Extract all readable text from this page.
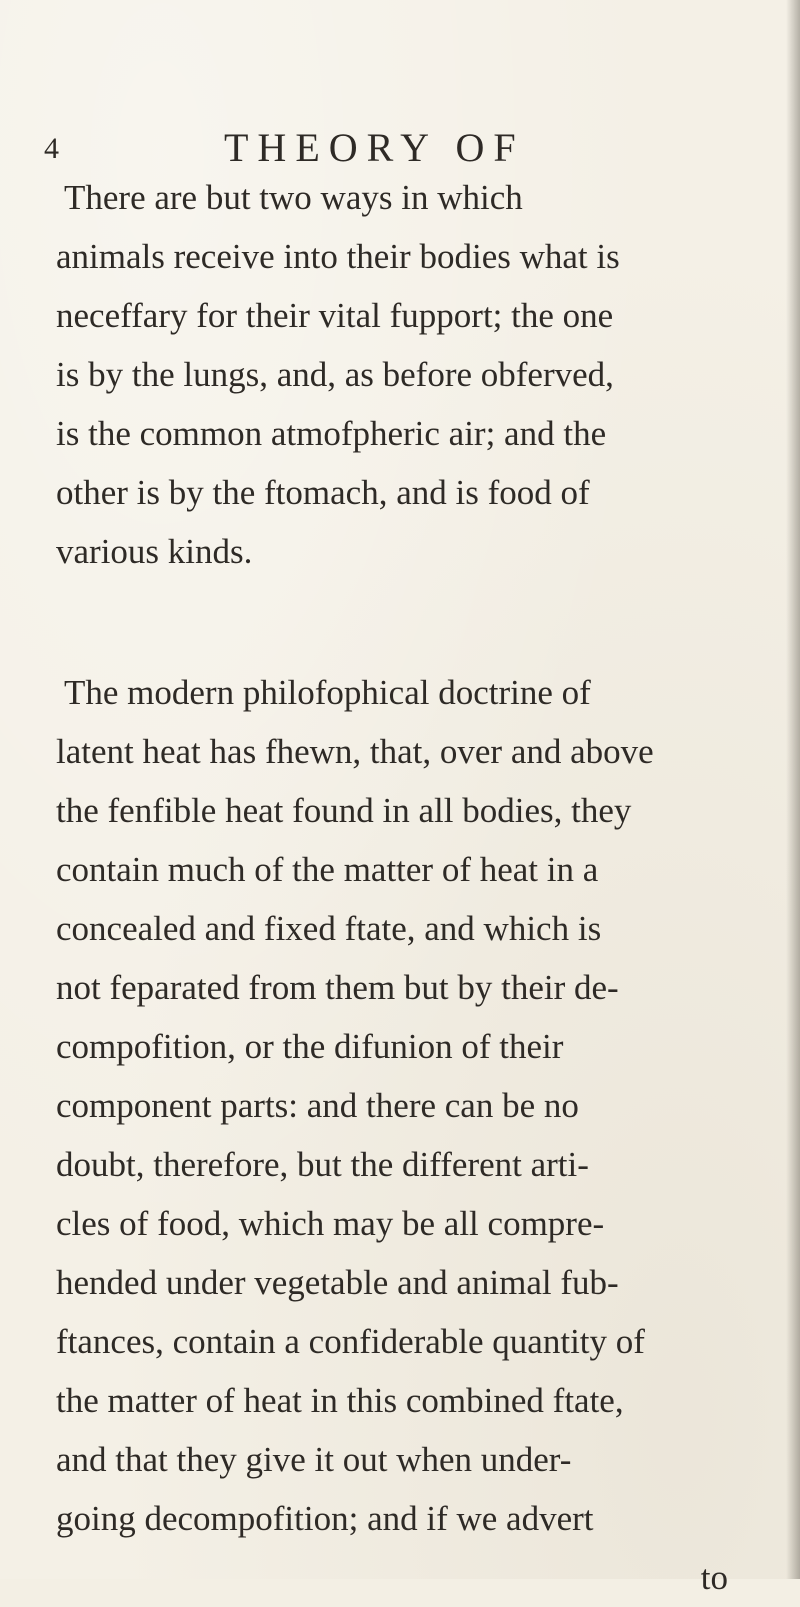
4	THEORY OF

There are but two ways in which
animals receive into their bodies what is
neceffary for their vital fupport; the one
is by the lungs, and, as before obferved,
is the common atmofpheric air; and the
other is by the ftomach, and is food of
various kinds.

The modern philofophical doctrine of
latent heat has fhewn, that, over and above
the fenfible heat found in all bodies, they
contain much of the matter of heat in a
concealed and fixed ftate, and which is
not feparated from them but by their de-
compofition, or the difunion of their
component parts: and there can be no
doubt, therefore, but the different arti-
cles of food, which may be all compre-
hended under vegetable and animal fub-
ftances, contain a confiderable quantity of
the matter of heat in this combined ftate,
and that they give it out when under-
going decompofition; and if we advert
to
